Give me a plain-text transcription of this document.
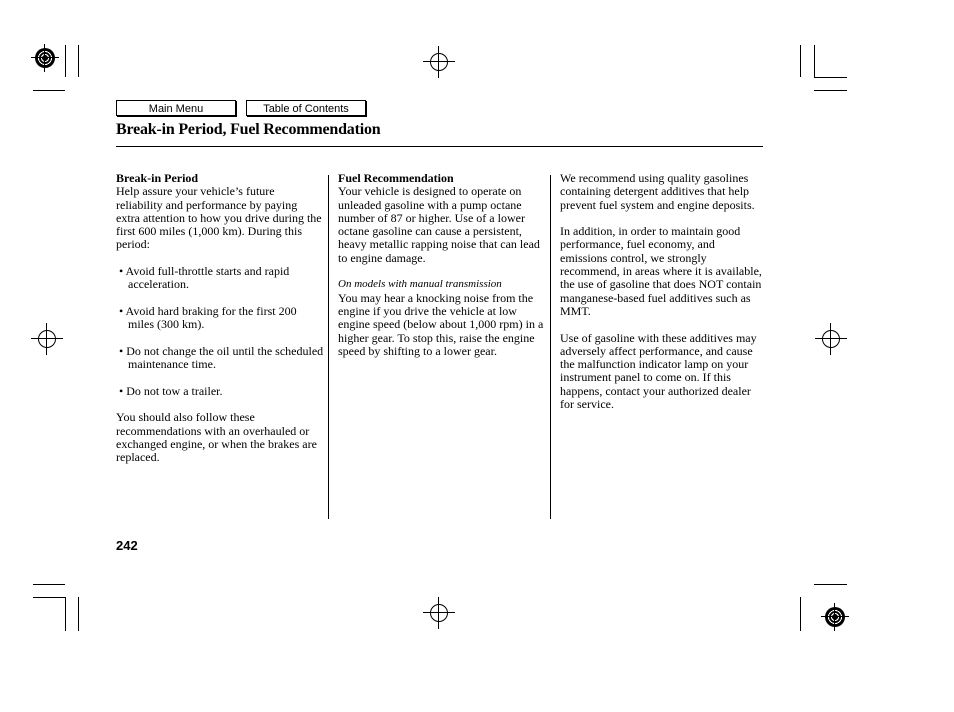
Main Menu	Table of Contents
Break-in Period, Fuel Recommendation

Break-in Period

Help assure your vehicle’s future reliability and performance by paying extra attention to how you drive during the first 600 miles (1,000 km). During this period:

• Avoid full-throttle starts and rapid acceleration.

• Avoid hard braking for the first 200 miles (300 km).

• Do not change the oil until the scheduled maintenance time.

• Do not tow a trailer.

You should also follow these recommendations with an overhauled or exchanged engine, or when the brakes are replaced.

Fuel Recommendation

Your vehicle is designed to operate on unleaded gasoline with a pump octane number of 87 or higher. Use of a lower octane gasoline can cause a persistent, heavy metallic rapping noise that can lead to engine damage.

On models with manual transmission

You may hear a knocking noise from the engine if you drive the vehicle at low engine speed (below about 1,000 rpm) in a higher gear. To stop this, raise the engine speed by shifting to a lower gear.

We recommend using quality gasolines containing detergent additives that help prevent fuel system and engine deposits.

In addition, in order to maintain good performance, fuel economy, and emissions control, we strongly recommend, in areas where it is available, the use of gasoline that does NOT contain manganese-based fuel additives such as MMT.

Use of gasoline with these additives may adversely affect performance, and cause the malfunction indicator lamp on your instrument panel to come on. If this happens, contact your authorized dealer for service.

242
